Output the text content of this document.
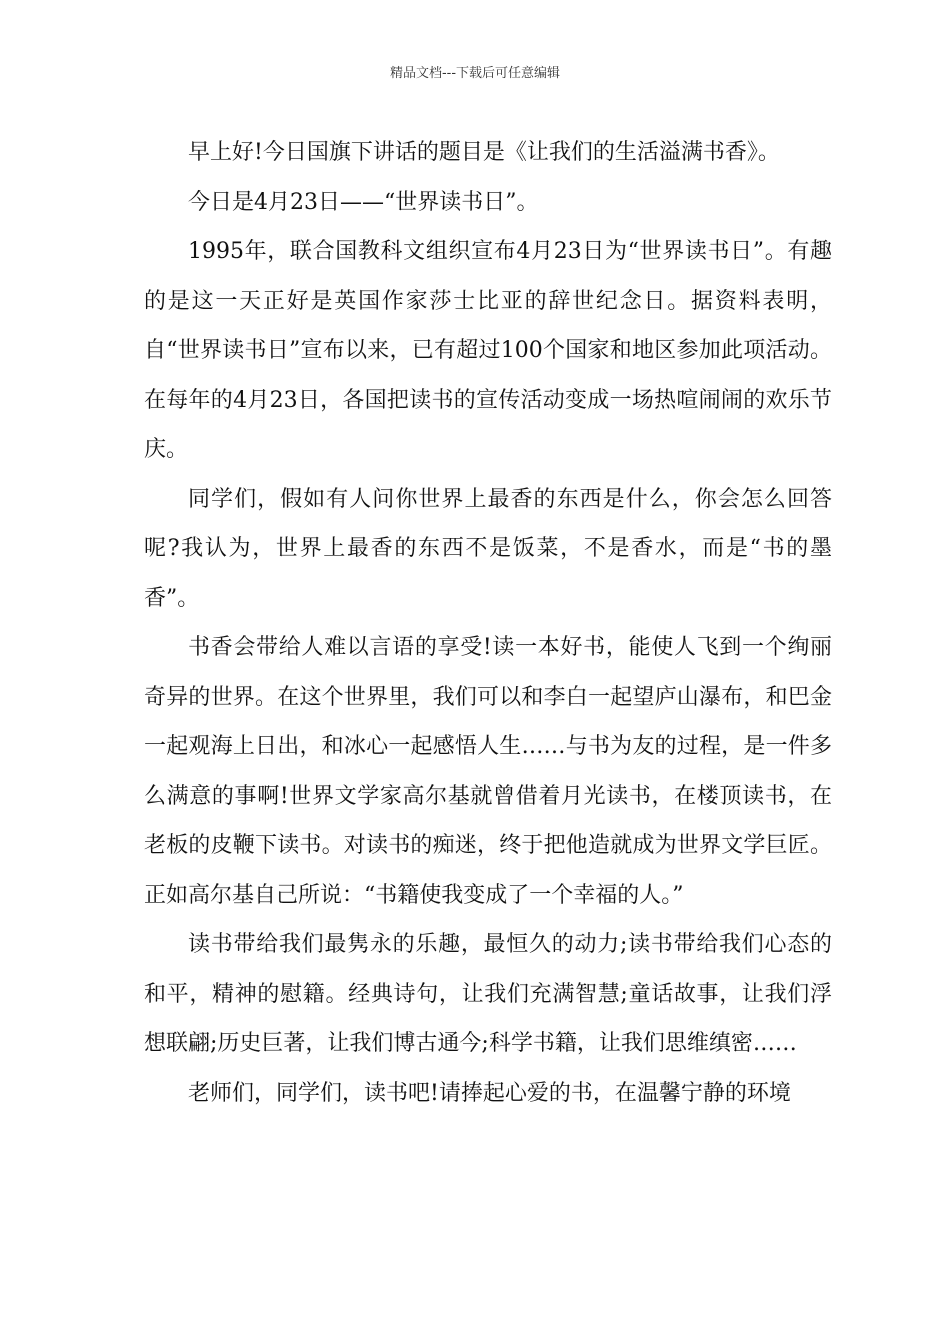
精品文档---下载后可任意编辑

早上好!今日国旗下讲话的题目是《让我们的生活溢满书香》。

今日是4月23日——“世界读书日”。

1995年，联合国教科文组织宣布4月23日为“世界读书日”。有趣的是这一天正好是英国作家莎士比亚的辞世纪念日。据资料表明，自“世界读书日”宣布以来，已有超过100个国家和地区参加此项活动。在每年的4月23日，各国把读书的宣传活动变成一场热喧闹闹的欢乐节庆。

同学们，假如有人问你世界上最香的东西是什么，你会怎么回答呢?我认为，世界上最香的东西不是饭菜，不是香水，而是“书的墨香”。

书香会带给人难以言语的享受!读一本好书，能使人飞到一个绚丽奇异的世界。在这个世界里，我们可以和李白一起望庐山瀑布，和巴金一起观海上日出，和冰心一起感悟人生……与书为友的过程，是一件多么满意的事啊!世界文学家高尔基就曾借着月光读书，在楼顶读书，在老板的皮鞭下读书。对读书的痴迷，终于把他造就成为世界文学巨匠。正如高尔基自己所说：“书籍使我变成了一个幸福的人。”

读书带给我们最隽永的乐趣，最恒久的动力;读书带给我们心态的和平，精神的慰籍。经典诗句，让我们充满智慧;童话故事，让我们浮想联翩;历史巨著，让我们博古通今;科学书籍，让我们思维缜密……

老师们，同学们，读书吧!请捧起心爱的书，在温馨宁静的环境
